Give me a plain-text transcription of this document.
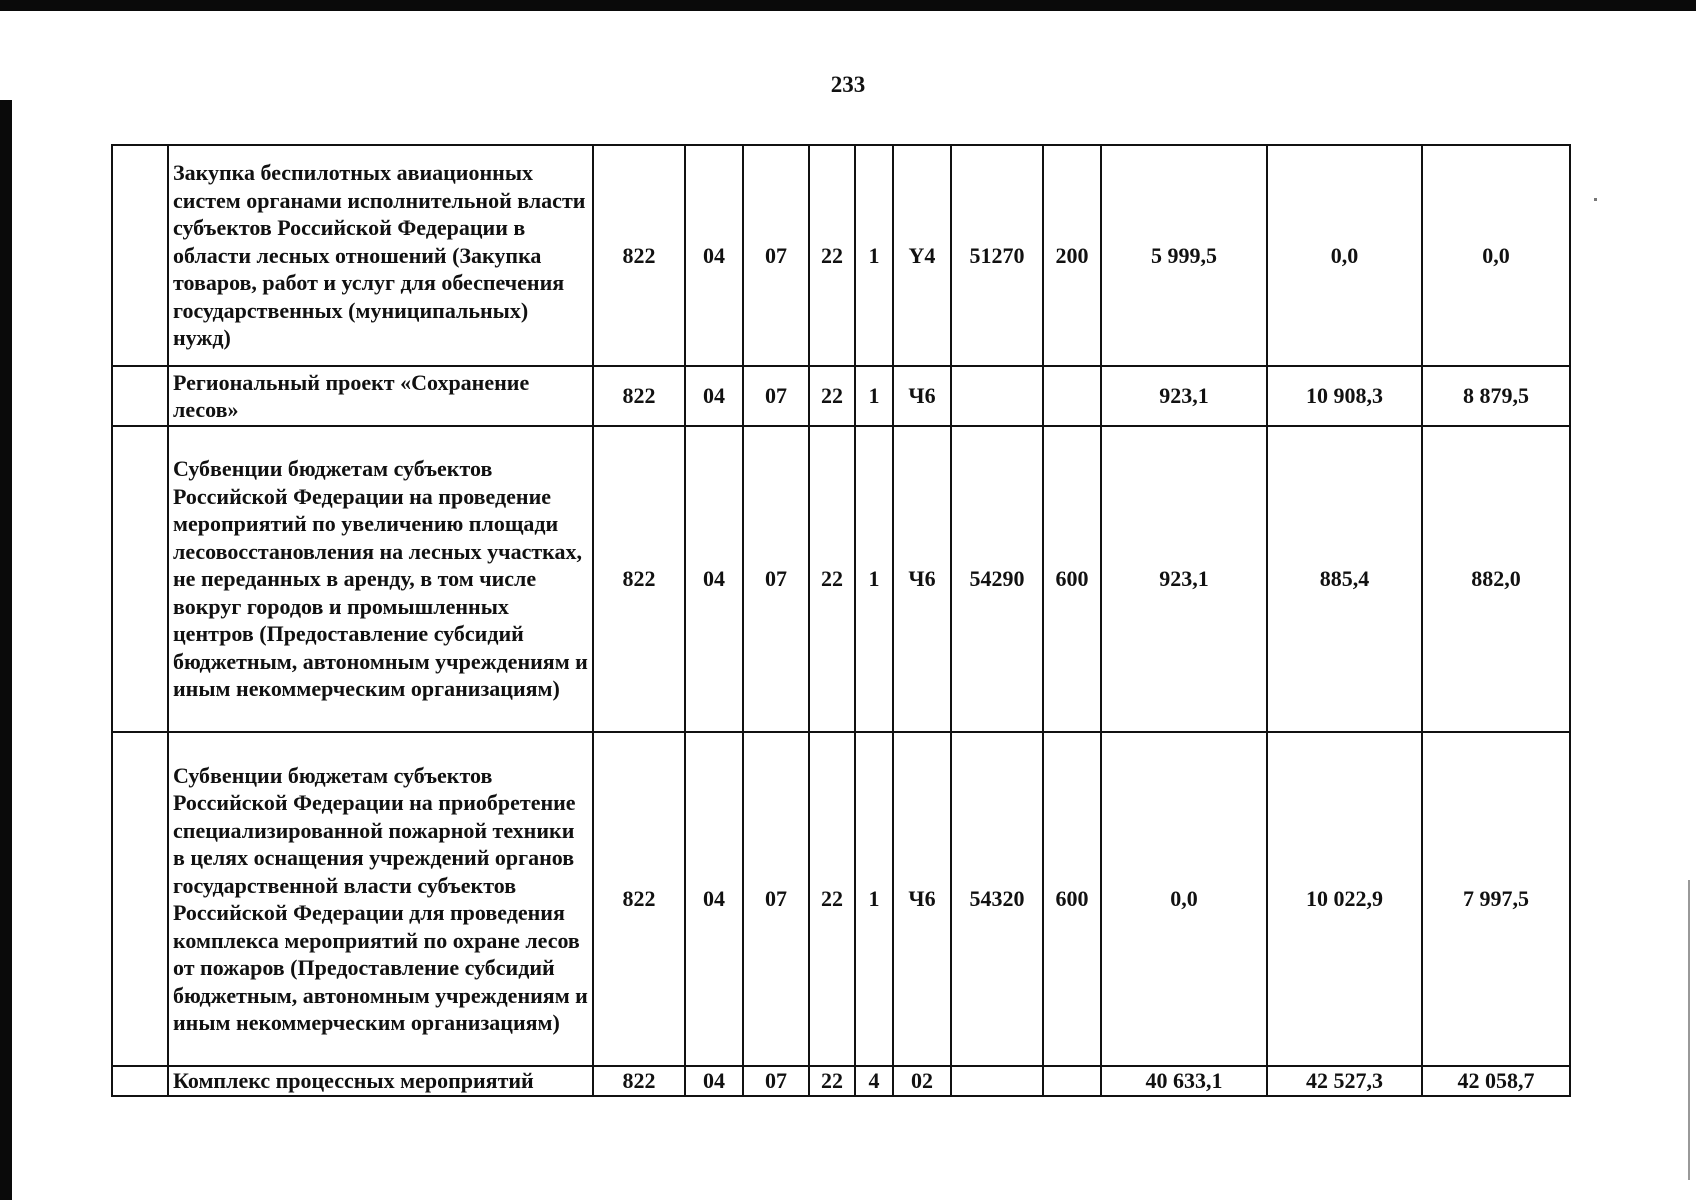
233
	Закупка беспилотных авиационных систем органами исполнительной власти субъектов Российской Федерации в области лесных отношений (Закупка товаров, работ и услуг для обеспечения государственных (муниципальных) нужд)	822	04	07	22	1	Y4	51270	200	5 999,5	0,0	0,0
	Региональный проект «Сохранение лесов»	822	04	07	22	1	Ч6			923,1	10 908,3	8 879,5
	Субвенции бюджетам субъектов Российской Федерации на проведение мероприятий по увеличению площади лесовосстановления на лесных участках, не переданных в аренду, в том числе вокруг городов и промышленных центров (Предоставление субсидий бюджетным, автономным учреждениям и иным некоммерческим организациям)	822	04	07	22	1	Ч6	54290	600	923,1	885,4	882,0
	Субвенции бюджетам субъектов Российской Федерации на приобретение специализированной пожарной техники в целях оснащения учреждений органов государственной власти субъектов Российской Федерации для проведения комплекса мероприятий по охране лесов от пожаров (Предоставление субсидий бюджетным, автономным учреждениям и иным некоммерческим организациям)	822	04	07	22	1	Ч6	54320	600	0,0	10 022,9	7 997,5
	Комплекс процессных мероприятий	822	04	07	22	4	02			40 633,1	42 527,3	42 058,7
